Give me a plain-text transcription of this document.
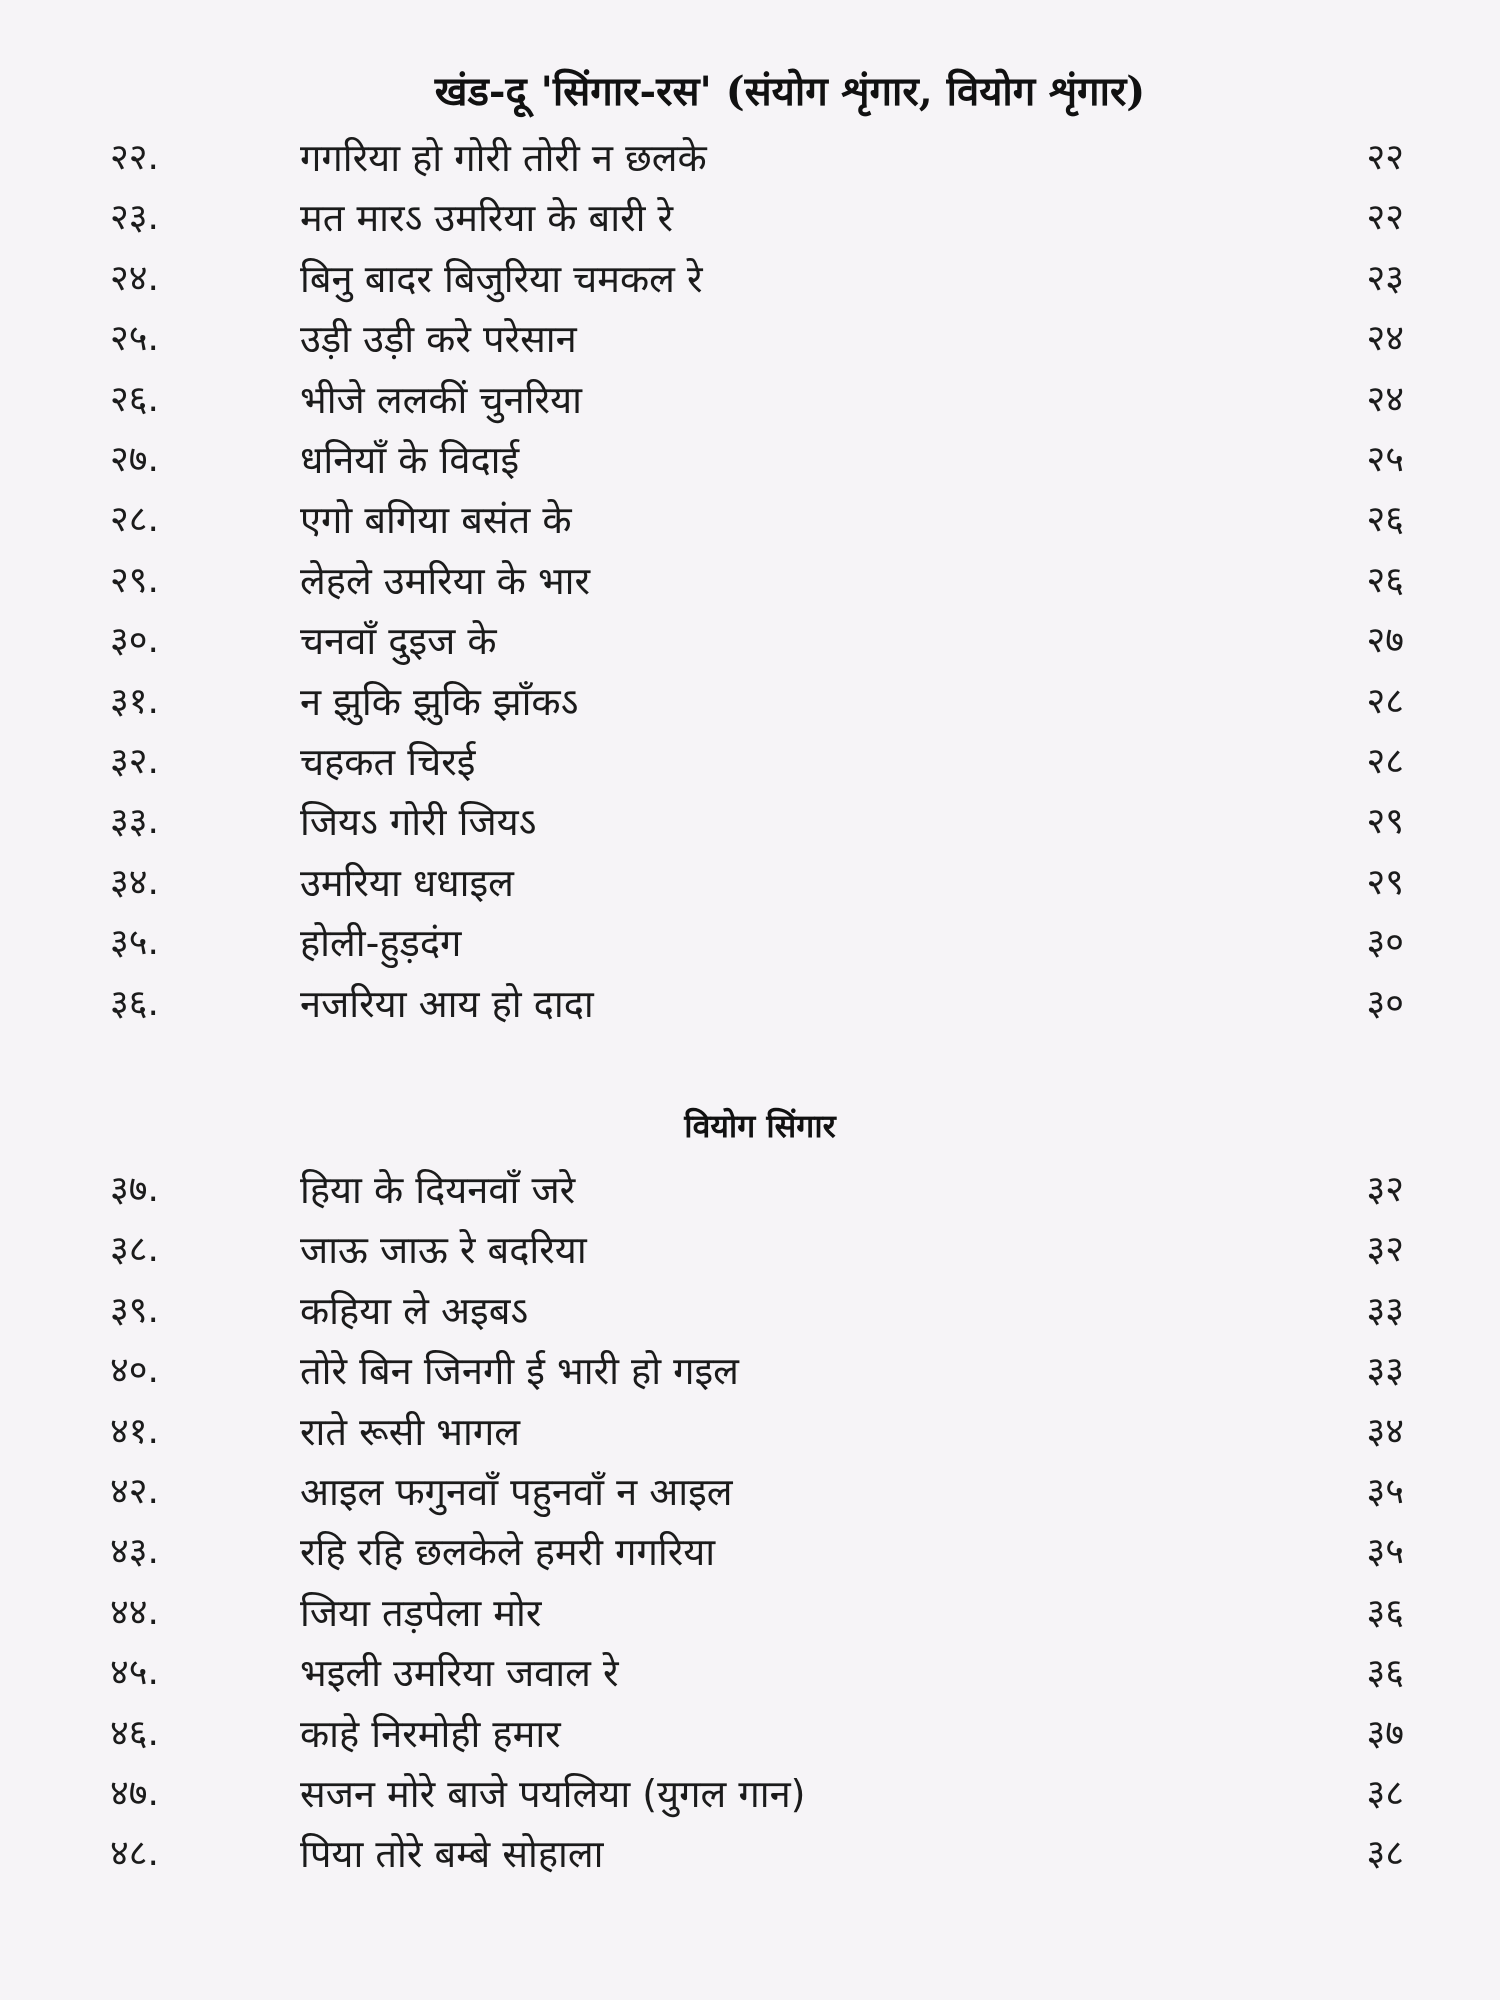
खंड-दू 'सिंगार-रस' (संयोग शृंगार, वियोग शृंगार)
२२.	गगरिया हो गोरी तोरी न छलके	२२
२३.	मत मारऽ उमरिया के बारी रे	२२
२४.	बिनु बादर बिजुरिया चमकल रे	२३
२५.	उड़ी उड़ी करे परेसान	२४
२६.	भीजे ललकीं चुनरिया	२४
२७.	धनियाँ के विदाई	२५
२८.	एगो बगिया बसंत के	२६
२९.	लेहले उमरिया के भार	२६
३०.	चनवाँ दुइज के	२७
३१.	न झुकि झुकि झाँकऽ	२८
३२.	चहकत चिरई	२८
३३.	जियऽ गोरी जियऽ	२९
३४.	उमरिया धधाइल	२९
३५.	होली-हुड़दंग	३०
३६.	नजरिया आय हो दादा	३०
वियोग सिंगार
३७.	हिया के दियनवाँ जरे	३२
३८.	जाऊ जाऊ रे बदरिया	३२
३९.	कहिया ले अइबऽ	३३
४०.	तोरे बिन जिनगी ई भारी हो गइल	३३
४१.	राते रूसी भागल	३४
४२.	आइल फगुनवाँ पहुनवाँ न आइल	३५
४३.	रहि रहि छलकेले हमरी गगरिया	३५
४४.	जिया तड़पेला मोर	३६
४५.	भइली उमरिया जवाल रे	३६
४६.	काहे निरमोही हमार	३७
४७.	सजन मोरे बाजे पयलिया (युगल गान)	३८
४८.	पिया तोरे बम्बे सोहाला	३८
